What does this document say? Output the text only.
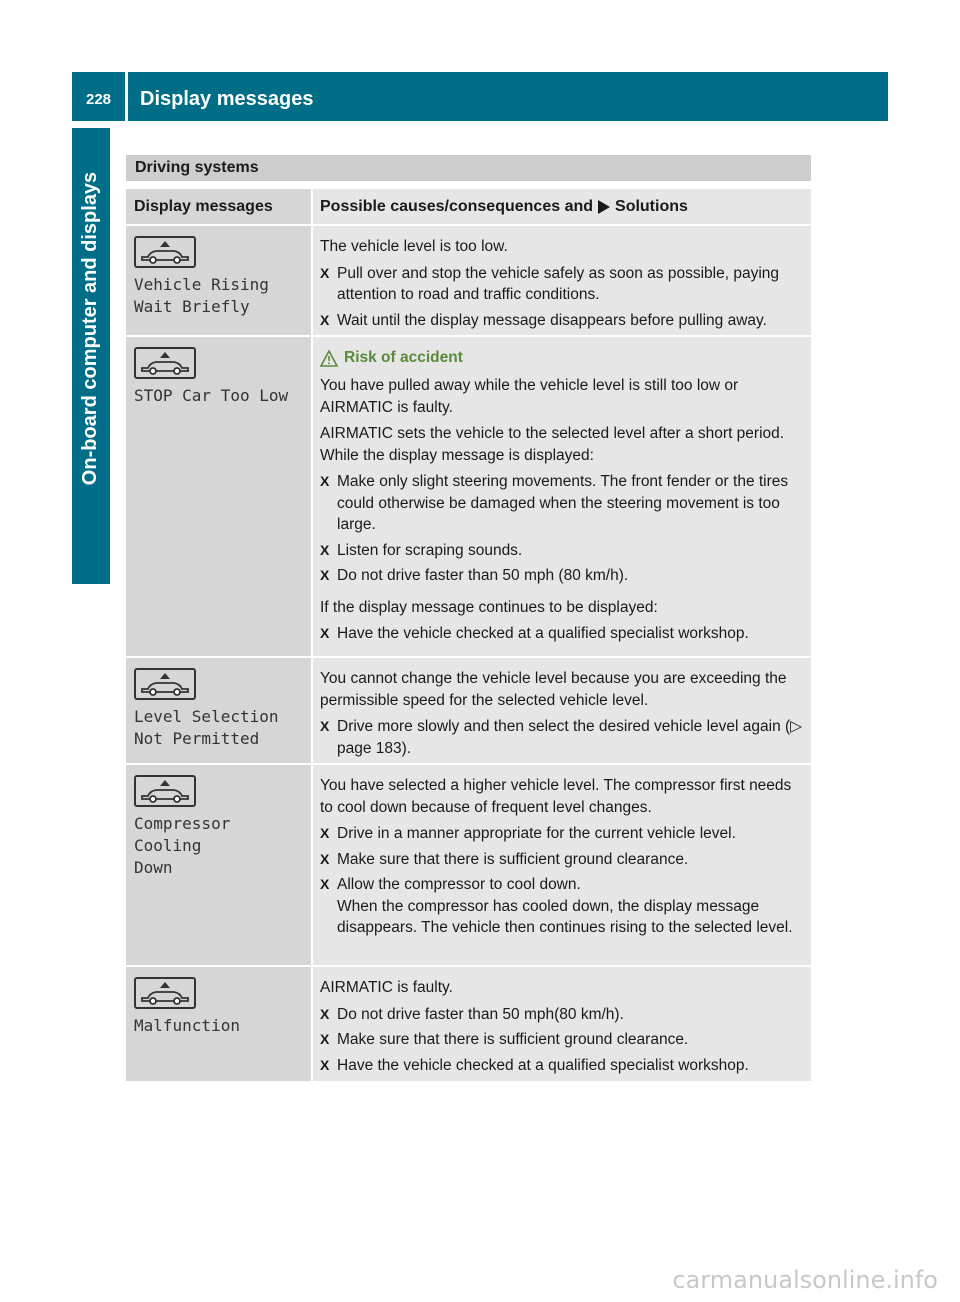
228	Display messages
On-board computer and displays
Driving systems
Display messages	Possible causes/consequences and Solutions
Vehicle Rising
Wait Briefly
The vehicle level is too low.
X Pull over and stop the vehicle safely as soon as possible, paying attention to road and traffic conditions.
X Wait until the display message disappears before pulling away.
STOP Car Too Low
Risk of accident
You have pulled away while the vehicle level is still too low or AIRMATIC is faulty.
AIRMATIC sets the vehicle to the selected level after a short period. While the display message is displayed:
X Make only slight steering movements. The front fender or the tires could otherwise be damaged when the steering movement is too large.
X Listen for scraping sounds.
X Do not drive faster than 50 mph (80 km/h).
If the display message continues to be displayed:
X Have the vehicle checked at a qualified specialist workshop.
Level Selection
Not Permitted
You cannot change the vehicle level because you are exceeding the permissible speed for the selected vehicle level.
X Drive more slowly and then select the desired vehicle level again (▷ page 183).
Compressor Cooling
Down
You have selected a higher vehicle level. The compressor first needs to cool down because of frequent level changes.
X Drive in a manner appropriate for the current vehicle level.
X Make sure that there is sufficient ground clearance.
X Allow the compressor to cool down.
When the compressor has cooled down, the display message disappears. The vehicle then continues rising to the selected level.
Malfunction
AIRMATIC is faulty.
X Do not drive faster than 50 mph(80 km/h).
X Make sure that there is sufficient ground clearance.
X Have the vehicle checked at a qualified specialist workshop.
carmanualsonline.info
